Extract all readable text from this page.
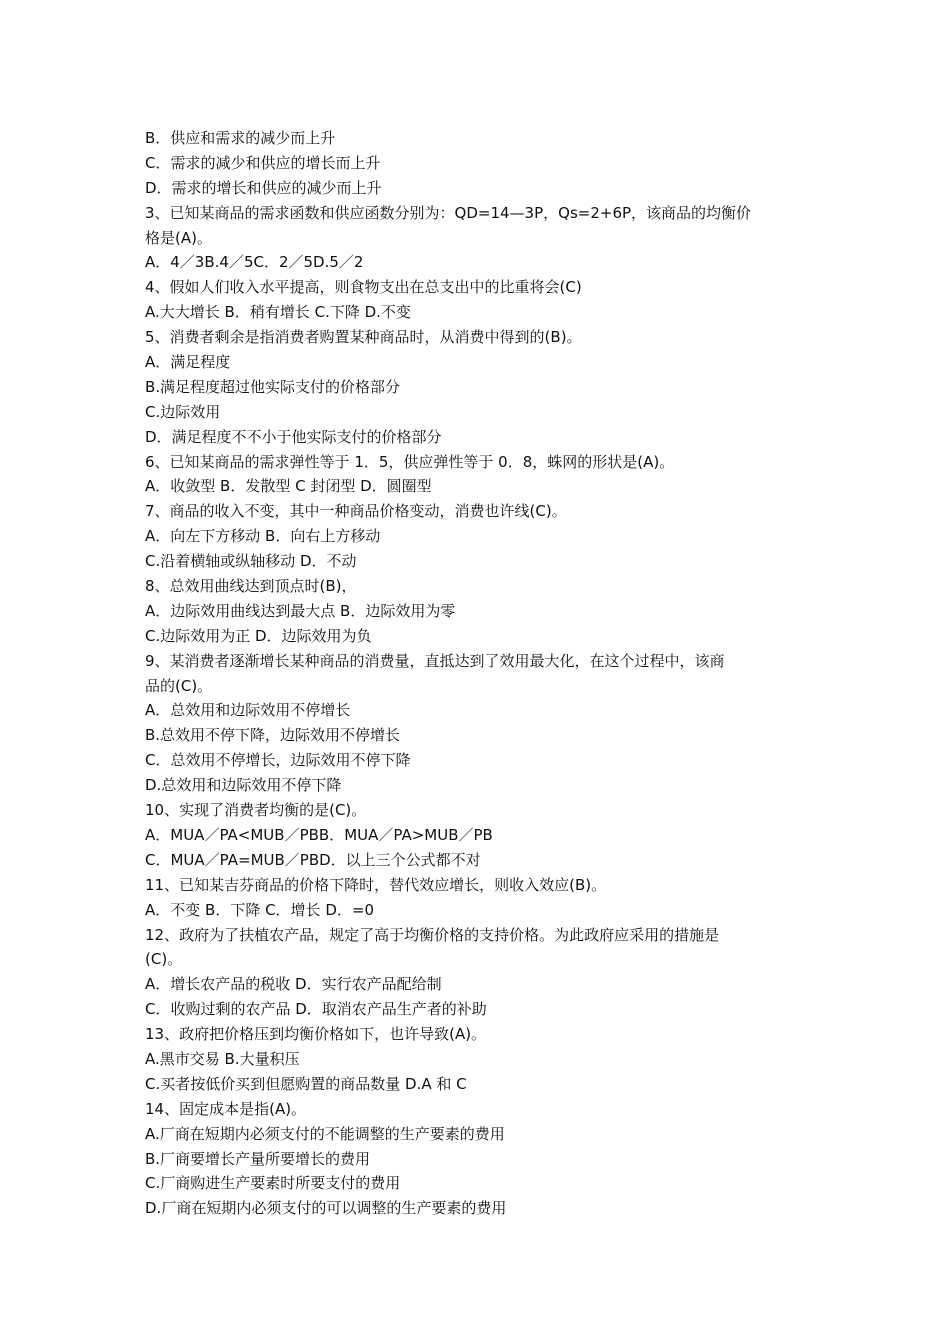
B．供应和需求的减少而上升
C．需求的减少和供应的增长而上升
D．需求的增长和供应的减少而上升
3、已知某商品的需求函数和供应函数分别为：QD=14—3P，Qs=2+6P，该商品的均衡价
格是(A)。
A．4／3B.4／5C．2／5D.5／2
4、假如人们收入水平提高，则食物支出在总支出中的比重将会(C)
A.大大增长 B．稍有增长 C.下降 D.不变
5、消费者剩余是指消费者购置某种商品时，从消费中得到的(B)。
A．满足程度
B.满足程度超过他实际支付的价格部分
C.边际效用
D．满足程度不不小于他实际支付的价格部分
6、已知某商品的需求弹性等于 1．5，供应弹性等于 0．8，蛛网的形状是(A)。
A．收敛型 B．发散型 C 封闭型 D．圆圈型
7、商品的收入不变，其中一种商品价格变动，消费也许线(C)。
A．向左下方移动 B．向右上方移动
C.沿着横轴或纵轴移动 D．不动
8、总效用曲线达到顶点时(B)，
A．边际效用曲线达到最大点 B．边际效用为零
C.边际效用为正 D．边际效用为负
9、某消费者逐渐增长某种商品的消费量，直抵达到了效用最大化，在这个过程中，该商
品的(C)。
A．总效用和边际效用不停增长
B.总效用不停下降，边际效用不停增长
C．总效用不停增长，边际效用不停下降
D.总效用和边际效用不停下降
10、实现了消费者均衡的是(C)。
A．MUA／PA<MUB／PBB．MUA／PA>MUB／PB
C．MUA／PA=MUB／PBD．以上三个公式都不对
11、已知某吉芬商品的价格下降时，替代效应增长，则收入效应(B)。
A．不变 B．下降 C．增长 D．=0
12、政府为了扶植农产品，规定了高于均衡价格的支持价格。为此政府应采用的措施是
(C)。
A．增长农产品的税收 D．实行农产品配给制
C．收购过剩的农产品 D．取消农产品生产者的补助
13、政府把价格压到均衡价格如下，也许导致(A)。
A.黑市交易 B.大量积压
C.买者按低价买到但愿购置的商品数量 D.A 和 C
14、固定成本是指(A)。
A.厂商在短期内必须支付的不能调整的生产要素的费用
B.厂商要增长产量所要增长的费用
C.厂商购进生产要素时所要支付的费用
D.厂商在短期内必须支付的可以调整的生产要素的费用
